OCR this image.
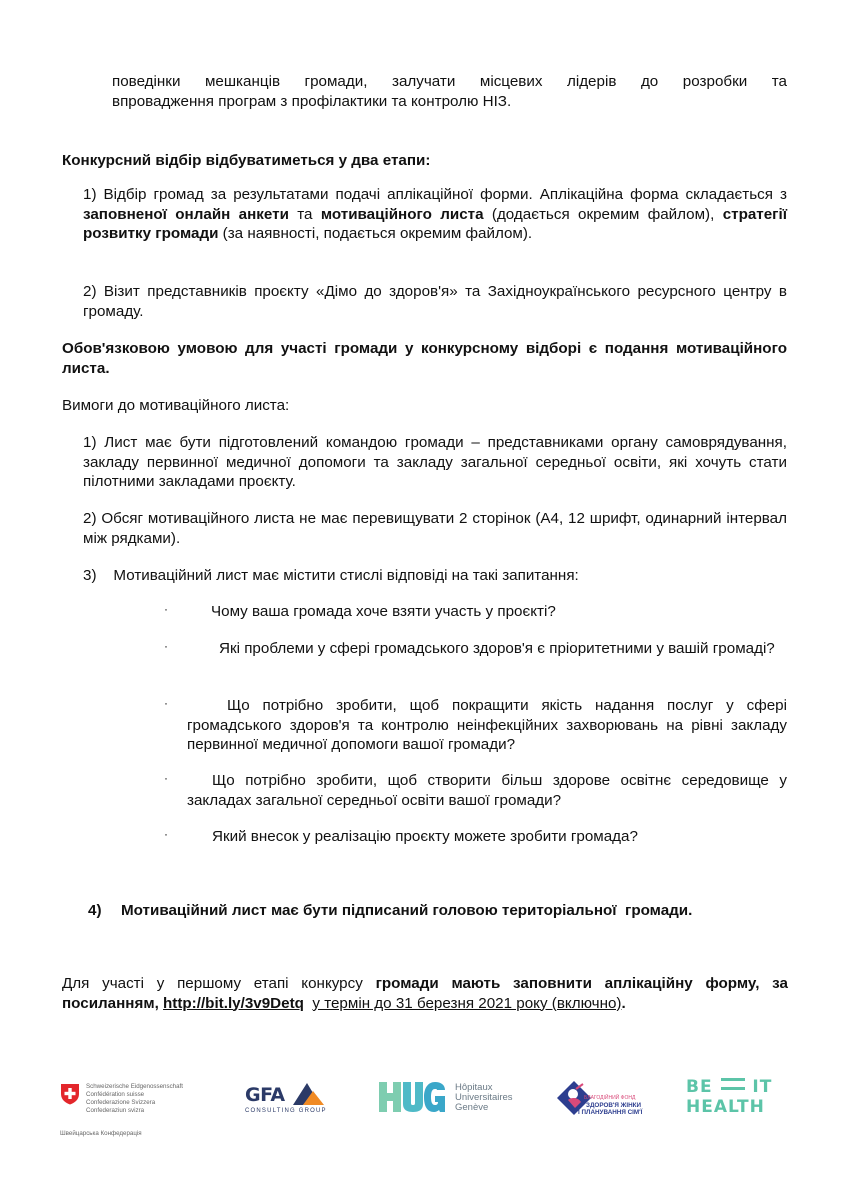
поведінки мешканців громади, залучати місцевих лідерів до розробки та
впровадження програм з профілактики та контролю НІЗ.
Конкурсний відбір відбуватиметься у два етапи:
1) Відбір громад за результатами подачі аплікаційної форми. Аплікаційна форма складається з заповненої онлайн анкети та мотиваційного листа (додається окремим файлом), стратегії розвитку громади (за наявності, подається окремим файлом).
2) Візит представників проєкту «Дімо до здоров'я» та Західноукраїнського ресурсного центру в громаду.
Обов'язковою умовою для участі громади у конкурсному відборі є подання мотиваційного листа.
Вимоги до мотиваційного листа:
1) Лист має бути підготовлений командою громади – представниками органу самоврядування, закладу первинної медичної допомоги та закладу загальної середньої освіти, які хочуть стати пілотними закладами проєкту.
2) Обсяг мотиваційного листа не має перевищувати 2 сторінок (А4, 12 шрифт, одинарний інтервал між рядками).
3)    Мотиваційний лист має містити стислі відповіді на такі запитання:
·	Чому ваша громада хоче взяти участь у проєкті?
·	Які проблеми у сфері громадського здоров'я є пріоритетними у вашій громаді?
·	Що потрібно зробити, щоб покращити якість надання послуг у сфері громадського здоров'я та контролю неінфекційних захворювань на рівні закладу первинної медичної допомоги вашої громади?
·	Що потрібно зробити, щоб створити більш здорове освітнє середовище у закладах загальної середньої освіти вашої громади?
·	Який внесок у реалізацію проєкту можете зробити громада?
4)	Мотиваційний лист має бути підписаний головою територіальної  громади.
Для участі у першому етапі конкурсу громади мають заповнити аплікаційну форму, за посиланням, http://bit.ly/3v9Detq у термін до 31 березня 2021 року (включно).
Schweizerische Eidgenossenschaft
Confédération suisse
Confederazione Svizzera
Confederaziun svizra
Швейцарська Конфедерація
GFA
CONSULTING GROUP
Hôpitaux
Universitaires
Genève
БЛАГОДІЙНИЙ ФОНД
ЗДОРОВ'Я ЖІНКИ
І ПЛАНУВАННЯ СІМ'Ї
BE IT
HEALTH
